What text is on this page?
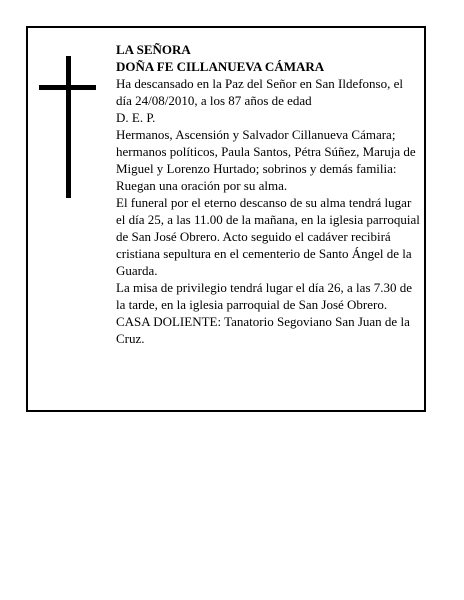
LA SEÑORA

DOÑA FE CILLANUEVA CÁMARA

Ha descansado en la Paz del Señor en San Ildefonso, el día 24/08/2010, a los 87 años de edad

D. E. P.

Hermanos, Ascensión y Salvador Cillanueva Cámara; hermanos políticos, Paula Santos, Pétra Súñez, Maruja de Miguel y Lorenzo Hurtado; sobrinos y demás familia:

Ruegan una oración por su alma.

El funeral por el eterno descanso de su alma tendrá lugar el día 25, a las 11.00 de la mañana, en la iglesia parroquial de San José Obrero. Acto seguido el cadáver recibirá cristiana sepultura en el cementerio de Santo Ángel de la Guarda.

La misa de privilegio tendrá lugar el día 26, a las 7.30 de la tarde, en la iglesia parroquial de San José Obrero.

CASA DOLIENTE: Tanatorio Segoviano San Juan de la Cruz.
